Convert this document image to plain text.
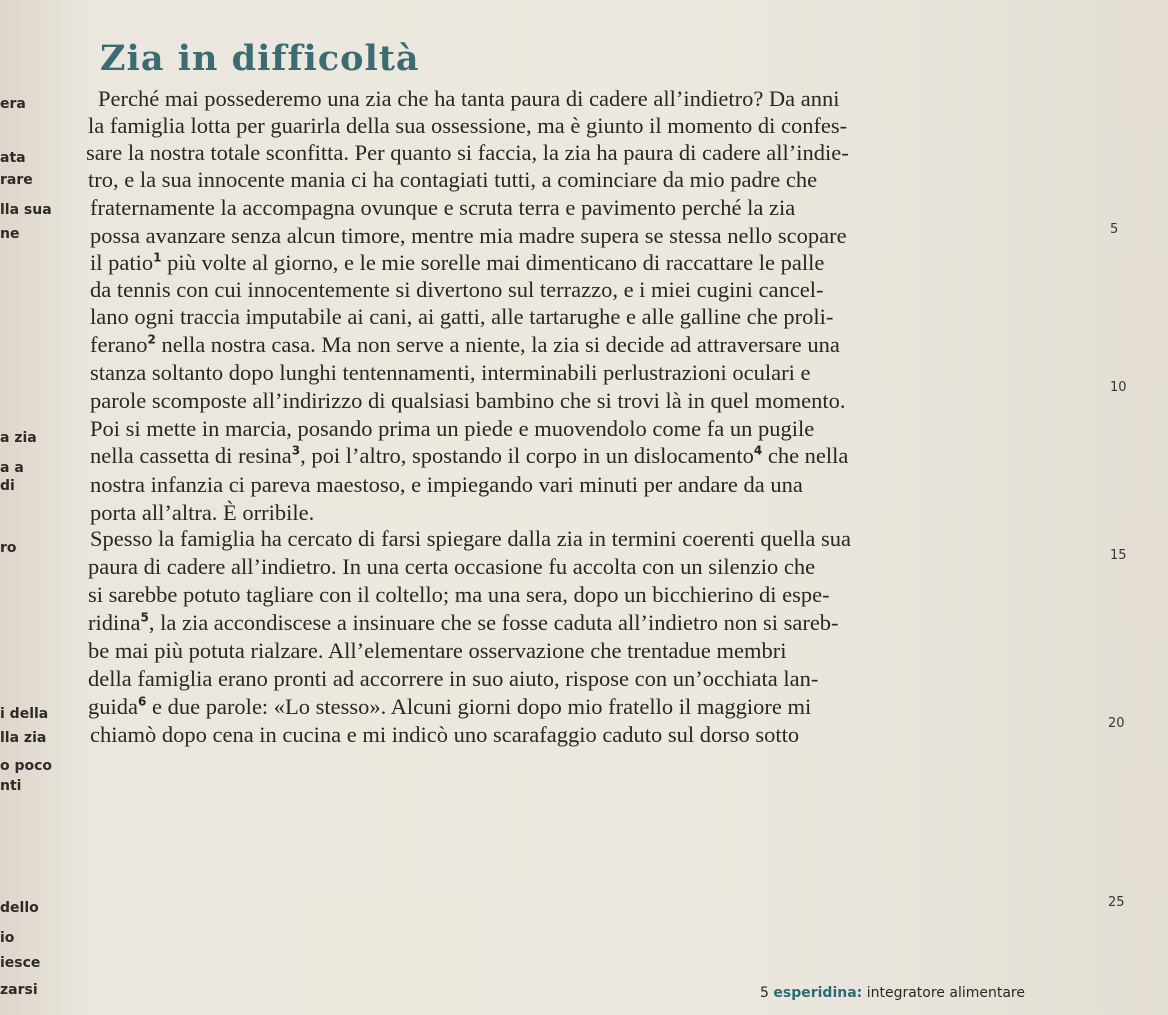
Zia in difficoltà
era
ata
rare
lla sua
ne
a zia
a a
di
ro
i della
lla zia
o poco
nti
dello
io
iesce
zarsi
Perché mai possederemo una zia che ha tanta paura di cadere all’indietro? Da anni
la famiglia lotta per guarirla della sua ossessione, ma è giunto il momento di confes-
sare la nostra totale sconfitta. Per quanto si faccia, la zia ha paura di cadere all’indie-
tro, e la sua innocente mania ci ha contagiati tutti, a cominciare da mio padre che
fraternamente la accompagna ovunque e scruta terra e pavimento perché la zia
possa avanzare senza alcun timore, mentre mia madre supera se stessa nello scopare
il patio$^1$ più volte al giorno, e le mie sorelle mai dimenticano di raccattare le palle
da tennis con cui innocentemente si divertono sul terrazzo, e i miei cugini cancel-
lano ogni traccia imputabile ai cani, ai gatti, alle tartarughe e alle galline che proli-
ferano$^2$ nella nostra casa. Ma non serve a niente, la zia si decide ad attraversare una
stanza soltanto dopo lunghi tentennamenti, interminabili perlustrazioni oculari e
parole scomposte all’indirizzo di qualsiasi bambino che si trovi là in quel momento.
Poi si mette in marcia, posando prima un piede e muovendolo come fa un pugile
nella cassetta di resina$^3$, poi l’altro, spostando il corpo in un dislocamento$^4$ che nella
nostra infanzia ci pareva maestoso, e impiegando vari minuti per andare da una
porta all’altra. È orribile.
Spesso la famiglia ha cercato di farsi spiegare dalla zia in termini coerenti quella sua
paura di cadere all’indietro. In una certa occasione fu accolta con un silenzio che
si sarebbe potuto tagliare con il coltello; ma una sera, dopo un bicchierino di espe-
ridina$^5$, la zia accondiscese a insinuare che se fosse caduta all’indietro non si sareb-
be mai più potuta rialzare. All’elementare osservazione che trentadue membri
della famiglia erano pronti ad accorrere in suo aiuto, rispose con un’occhiata lan-
guida$^6$ e due parole: «Lo stesso». Alcuni giorni dopo mio fratello il maggiore mi
chiamò dopo cena in cucina e mi indicò uno scarafaggio caduto sul dorso sotto
5
10
15
20
25
5 esperidina: integratore alimentare
